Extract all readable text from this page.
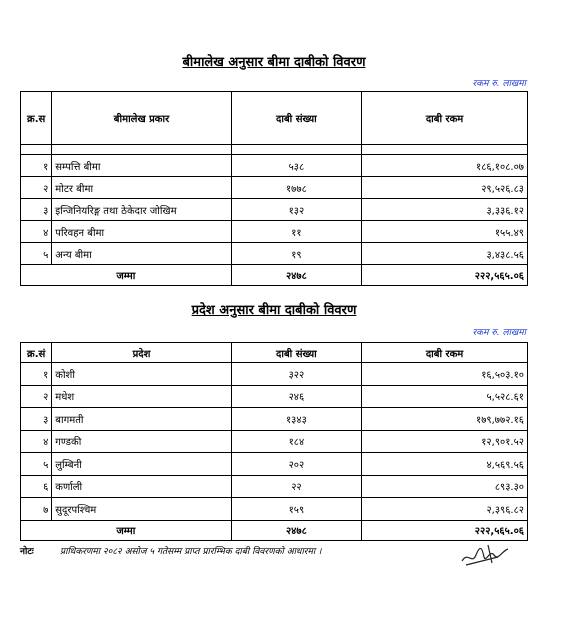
बीमालेख अनुसार बीमा दाबीको विवरण
रकम रु. लाखमा
क्र.स	बीमालेख प्रकार	दाबी संख्या	दाबी रकम

१	सम्पत्ति बीमा	५३८	१८६,१०८.०७
२	मोटर बीमा	१७७८	२९,५२६.८३
३	इन्जिनियरिङ्ग तथा ठेकेदार जोखिम	१३२	३,३३६.१२
४	परिवहन बीमा	११	१५५.४९
५	अन्य बीमा	१९	३,४३८.५६
जम्मा		२४७८	२२२,५६५.०६
प्रदेश अनुसार बीमा दाबीको विवरण
रकम रु. लाखमा
क्र.सं	प्रदेश	दाबी संख्या	दाबी रकम
१	कोशी	३२२	१६,५०३.१०
२	मधेश	२४६	५,५२८.६१
३	बागमती	१३४३	१७९,७७२.१६
४	गण्डकी	१८४	१२,९०१.५२
५	लुम्बिनी	२०२	४,५६९.५६
६	कर्णाली	२२	८९३.३०
७	सुदूरपश्चिम	१५९	२,३९६.८२
जम्मा		२४७८	२२२,५६५.०६
नोटः	प्राधिकरणमा २०८२ असोज ५ गतेसम्म प्राप्त प्रारम्भिक दाबी विवरणको आधारमा ।
